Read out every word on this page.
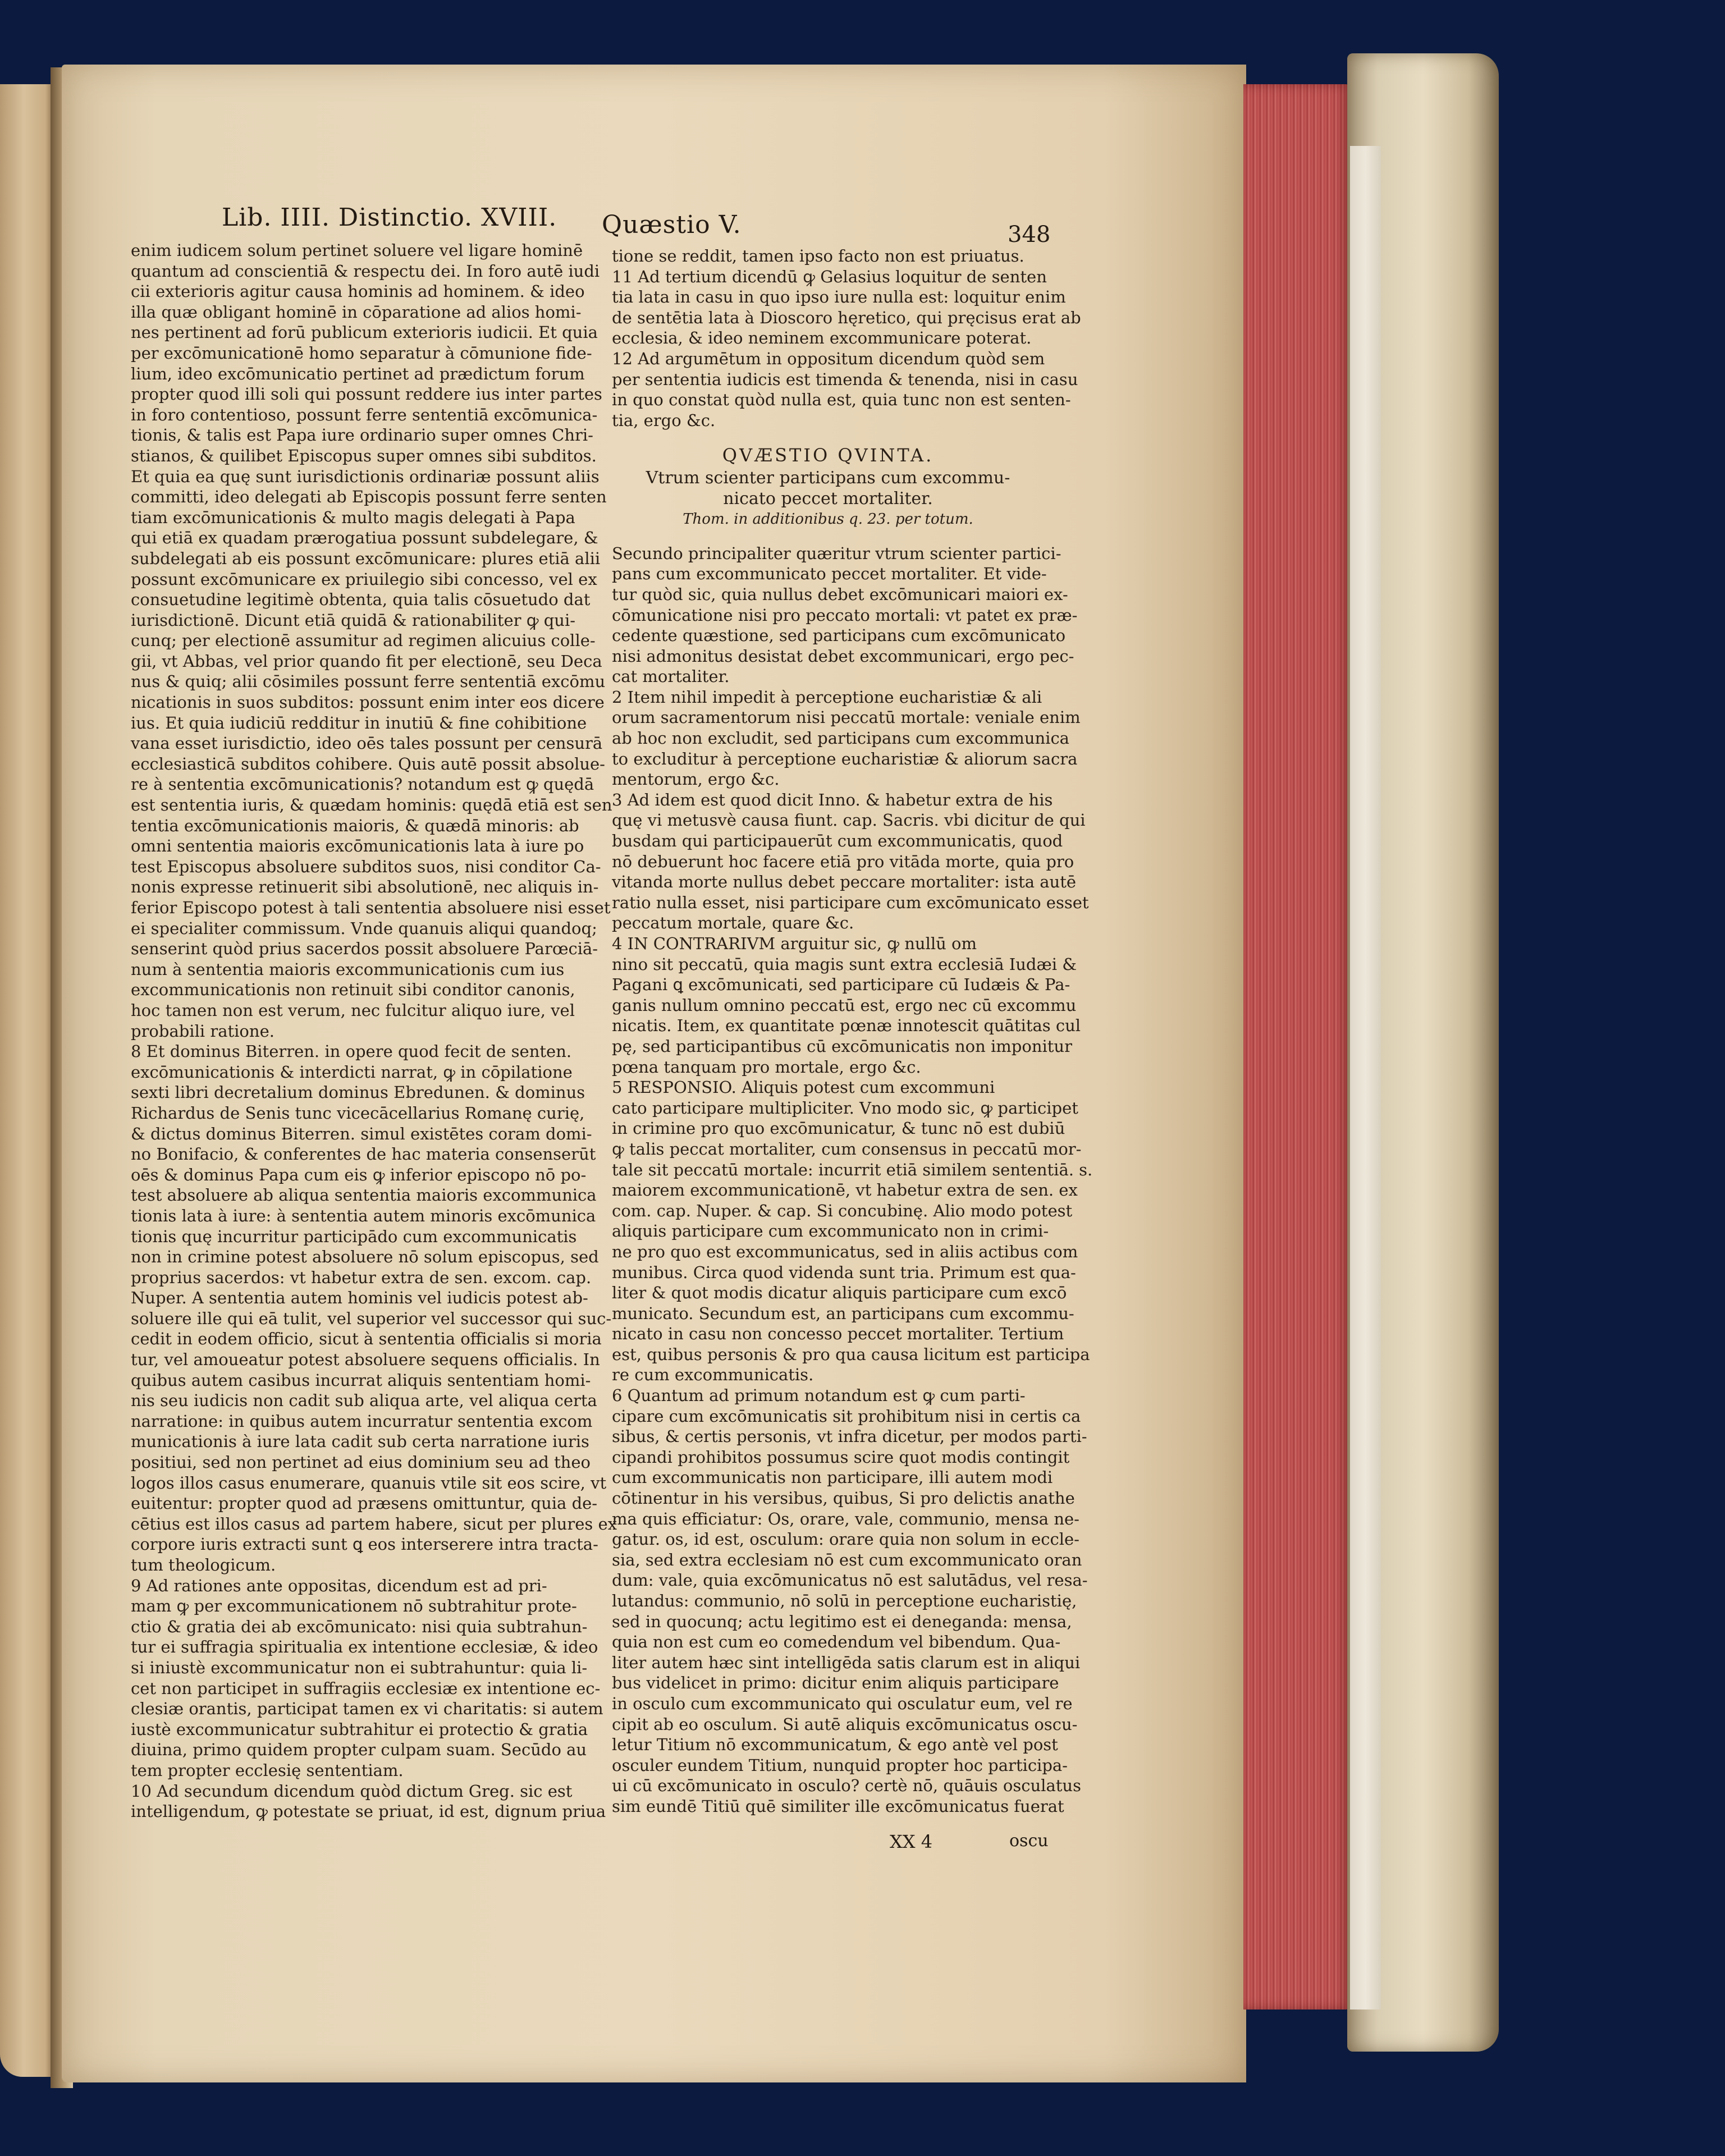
Lib. IIII. Distinctio. XVIII. Quæstio V.	348

enim iudicem solum pertinet soluere vel ligare hominē

quantum ad conscientiā & respectu dei. In foro autē iudi

cii exterioris agitur causa hominis ad hominem. & ideo

illa quæ obligant hominē in cōparatione ad alios homi-

nes pertinent ad forū publicum exterioris iudicii. Et quia

per excōmunicationē homo separatur à cōmunione fide-

lium, ideo excōmunicatio pertinet ad prædictum forum

propter quod illi soli qui possunt reddere ius inter partes

in foro contentioso, possunt ferre sententiā excōmunica-

tionis, & talis est Papa iure ordinario super omnes Chri-

stianos, & quilibet Episcopus super omnes sibi subditos.

Et quia ea quę sunt iurisdictionis ordinariæ possunt aliis

committi, ideo delegati ab Episcopis possunt ferre senten

tiam excōmunicationis & multo magis delegati à Papa

qui etiā ex quadam prærogatiua possunt subdelegare, &

subdelegati ab eis possunt excōmunicare: plures etiā alii

possunt excōmunicare ex priuilegio sibi concesso, vel ex

consuetudine legitimè obtenta, quia talis cōsuetudo dat

iurisdictionē. Dicunt etiā quidā & rationabiliter ꝙ qui-

cunq; per electionē assumitur ad regimen alicuius colle-

gii, vt Abbas, vel prior quando fit per electionē, seu Deca

nus & quiq; alii cōsimiles possunt ferre sententiā excōmu

nicationis in suos subditos: possunt enim inter eos dicere

ius. Et quia iudiciū redditur in inutiū & fine cohibitione

vana esset iurisdictio, ideo oēs tales possunt per censurā

ecclesiasticā subditos cohibere. Quis autē possit absolue-

re à sententia excōmunicationis? notandum est ꝙ quędā

est sententia iuris, & quædam hominis: quędā etiā est sen

tentia excōmunicationis maioris, & quædā minoris: ab

omni sententia maioris excōmunicationis lata à iure po

test Episcopus absoluere subditos suos, nisi conditor Ca-

nonis expresse retinuerit sibi absolutionē, nec aliquis in-

ferior Episcopo potest à tali sententia absoluere nisi esset

ei specialiter commissum. Vnde quanuis aliqui quandoq;

senserint quòd prius sacerdos possit absoluere Parœciā-

num à sententia maioris excommunicationis cum ius

excommunicationis non retinuit sibi conditor canonis,

hoc tamen non est verum, nec fulcitur aliquo iure, vel

probabili ratione.

8 Et dominus Biterren. in opere quod fecit de senten.

excōmunicationis & interdicti narrat, ꝙ in cōpilatione

sexti libri decretalium dominus Ebredunen. & dominus

Richardus de Senis tunc vicecācellarius Romanę curię,

& dictus dominus Biterren. simul existētes coram domi-

no Bonifacio, & conferentes de hac materia consenserūt

oēs & dominus Papa cum eis ꝙ inferior episcopo nō po-

test absoluere ab aliqua sententia maioris excommunica

tionis lata à iure: à sententia autem minoris excōmunica

tionis quę incurritur participādo cum excommunicatis

non in crimine potest absoluere nō solum episcopus, sed

proprius sacerdos: vt habetur extra de sen. excom. cap.

Nuper. A sententia autem hominis vel iudicis potest ab-

soluere ille qui eā tulit, vel superior vel successor qui suc-

cedit in eodem officio, sicut à sententia officialis si moria

tur, vel amoueatur potest absoluere sequens officialis. In

quibus autem casibus incurrat aliquis sententiam homi-

nis seu iudicis non cadit sub aliqua arte, vel aliqua certa

narratione: in quibus autem incurratur sententia excom

municationis à iure lata cadit sub certa narratione iuris

positiui, sed non pertinet ad eius dominium seu ad theo

logos illos casus enumerare, quanuis vtile sit eos scire, vt

euitentur: propter quod ad præsens omittuntur, quia de-

cētius est illos casus ad partem habere, sicut per plures ex

corpore iuris extracti sunt ꝗ eos interserere intra tracta-

tum theologicum.

9 Ad rationes ante oppositas, dicendum est ad pri-

mam ꝙ per excommunicationem nō subtrahitur prote-

ctio & gratia dei ab excōmunicato: nisi quia subtrahun-

tur ei suffragia spiritualia ex intentione ecclesiæ, & ideo

si iniustè excommunicatur non ei subtrahuntur: quia li-

cet non participet in suffragiis ecclesiæ ex intentione ec-

clesiæ orantis, participat tamen ex vi charitatis: si autem

iustè excommunicatur subtrahitur ei protectio & gratia

diuina, primo quidem propter culpam suam. Secūdo au

tem propter ecclesię sententiam.

10 Ad secundum dicendum quòd dictum Greg. sic est

intelligendum, ꝙ potestate se priuat, id est, dignum priua

tione se reddit, tamen ipso facto non est priuatus.

11 Ad tertium dicendū ꝙ Gelasius loquitur de senten

tia lata in casu in quo ipso iure nulla est: loquitur enim

de sentētia lata à Dioscoro hęretico, qui pręcisus erat ab

ecclesia, & ideo neminem excommunicare poterat.

12 Ad argumētum in oppositum dicendum quòd sem

per sententia iudicis est timenda & tenenda, nisi in casu

in quo constat quòd nulla est, quia tunc non est senten-

tia, ergo &c.

QVÆSTIO QVINTA.
Vtrum scienter participans cum excommu-
nicato peccet mortaliter.
Thom. in additionibus q. 23. per totum.

Secundo principaliter quæritur vtrum scienter partici-

pans cum excommunicato peccet mortaliter. Et vide-

tur quòd sic, quia nullus debet excōmunicari maiori ex-

cōmunicatione nisi pro peccato mortali: vt patet ex præ-

cedente quæstione, sed participans cum excōmunicato

nisi admonitus desistat debet excommunicari, ergo pec-

cat mortaliter.

2 Item nihil impedit à perceptione eucharistiæ & ali

orum sacramentorum nisi peccatū mortale: veniale enim

ab hoc non excludit, sed participans cum excommunica

to excluditur à perceptione eucharistiæ & aliorum sacra

mentorum, ergo &c.

3 Ad idem est quod dicit Inno. & habetur extra de his

quę vi metusvè causa fiunt. cap. Sacris. vbi dicitur de qui

busdam qui participauerūt cum excommunicatis, quod

nō debuerunt hoc facere etiā pro vitāda morte, quia pro

vitanda morte nullus debet peccare mortaliter: ista autē

ratio nulla esset, nisi participare cum excōmunicato esset

peccatum mortale, quare &c.

4 IN CONTRARIVM arguitur sic, ꝙ nullū om

nino sit peccatū, quia magis sunt extra ecclesiā Iudæi &

Pagani ꝗ excōmunicati, sed participare cū Iudæis & Pa-

ganis nullum omnino peccatū est, ergo nec cū excommu

nicatis. Item, ex quantitate pœnæ innotescit quātitas cul

pę, sed participantibus cū excōmunicatis non imponitur

pœna tanquam pro mortale, ergo &c.

5 RESPONSIO. Aliquis potest cum excommuni

cato participare multipliciter. Vno modo sic, ꝙ participet

in crimine pro quo excōmunicatur, & tunc nō est dubiū

ꝙ talis peccat mortaliter, cum consensus in peccatū mor-

tale sit peccatū mortale: incurrit etiā similem sententiā. s.

maiorem excommunicationē, vt habetur extra de sen. ex

com. cap. Nuper. & cap. Si concubinę. Alio modo potest

aliquis participare cum excommunicato non in crimi-

ne pro quo est excommunicatus, sed in aliis actibus com

munibus. Circa quod videnda sunt tria. Primum est qua-

liter & quot modis dicatur aliquis participare cum excō

municato. Secundum est, an participans cum excommu-

nicato in casu non concesso peccet mortaliter. Tertium

est, quibus personis & pro qua causa licitum est participa

re cum excommunicatis.

6 Quantum ad primum notandum est ꝙ cum parti-

cipare cum excōmunicatis sit prohibitum nisi in certis ca

sibus, & certis personis, vt infra dicetur, per modos parti-

cipandi prohibitos possumus scire quot modis contingit

cum excommunicatis non participare, illi autem modi

cōtinentur in his versibus, quibus, Si pro delictis anathe

ma quis efficiatur: Os, orare, vale, communio, mensa ne-

gatur. os, id est, osculum: orare quia non solum in eccle-

sia, sed extra ecclesiam nō est cum excommunicato oran

dum: vale, quia excōmunicatus nō est salutādus, vel resa-

lutandus: communio, nō solū in perceptione eucharistię,

sed in quocunq; actu legitimo est ei deneganda: mensa,

quia non est cum eo comedendum vel bibendum. Qua-

liter autem hæc sint intelligēda satis clarum est in aliqui

bus videlicet in primo: dicitur enim aliquis participare

in osculo cum excommunicato qui osculatur eum, vel re

cipit ab eo osculum. Si autē aliquis excōmunicatus oscu-

letur Titium nō excommunicatum, & ego antè vel post

osculer eundem Titium, nunquid propter hoc participa-

ui cū excōmunicato in osculo? certè nō, quāuis osculatus

sim eundē Titiū quē similiter ille excōmunicatus fuerat

XX 4	oscu
